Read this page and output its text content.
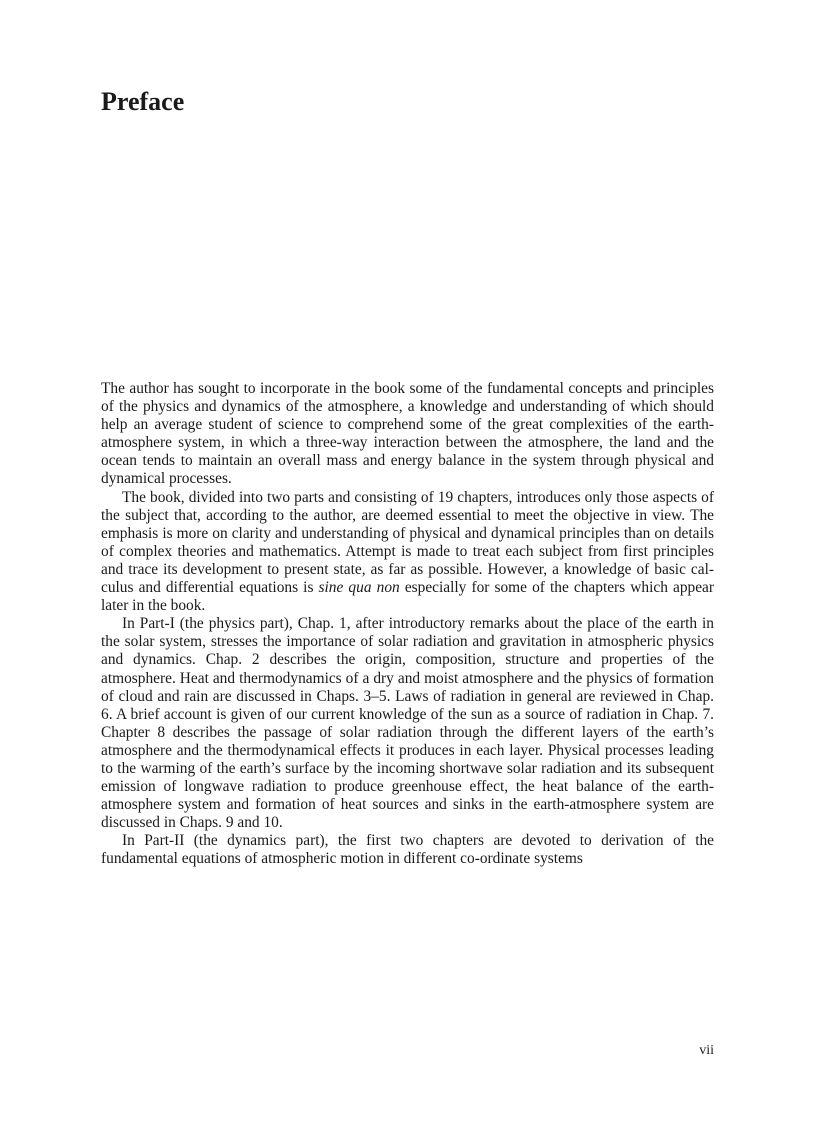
Preface

The author has sought to incorporate in the book some of the fundamental concepts and principles of the physics and dynamics of the atmosphere, a knowledge and understanding of which should help an average student of science to comprehend some of the great complexities of the earth-atmosphere system, in which a three-way interaction between the atmosphere, the land and the ocean tends to maintain an overall mass and energy balance in the system through physical and dynamical processes.

The book, divided into two parts and consisting of 19 chapters, introduces only those aspects of the subject that, according to the author, are deemed essential to meet the objective in view. The emphasis is more on clarity and understanding of physical and dynamical principles than on details of complex theories and mathematics. Attempt is made to treat each subject from first principles and trace its development to present state, as far as possible. However, a knowledge of basic calculus and differential equations is sine qua non especially for some of the chapters which appear later in the book.

In Part-I (the physics part), Chap. 1, after introductory remarks about the place of the earth in the solar system, stresses the importance of solar radiation and gravitation in atmospheric physics and dynamics. Chap. 2 describes the origin, composition, structure and properties of the atmosphere. Heat and thermodynamics of a dry and moist atmosphere and the physics of formation of cloud and rain are discussed in Chaps. 3–5. Laws of radiation in general are reviewed in Chap. 6. A brief account is given of our current knowledge of the sun as a source of radiation in Chap. 7. Chapter 8 describes the passage of solar radiation through the different layers of the earth’s atmosphere and the thermodynamical effects it produces in each layer. Physical processes leading to the warming of the earth’s surface by the incoming shortwave solar radiation and its subsequent emission of longwave radiation to produce greenhouse effect, the heat balance of the earth-atmosphere system and formation of heat sources and sinks in the earth-atmosphere system are discussed in Chaps. 9 and 10.

In Part-II (the dynamics part), the first two chapters are devoted to derivation of the fundamental equations of atmospheric motion in different co-ordinate systems

vii
